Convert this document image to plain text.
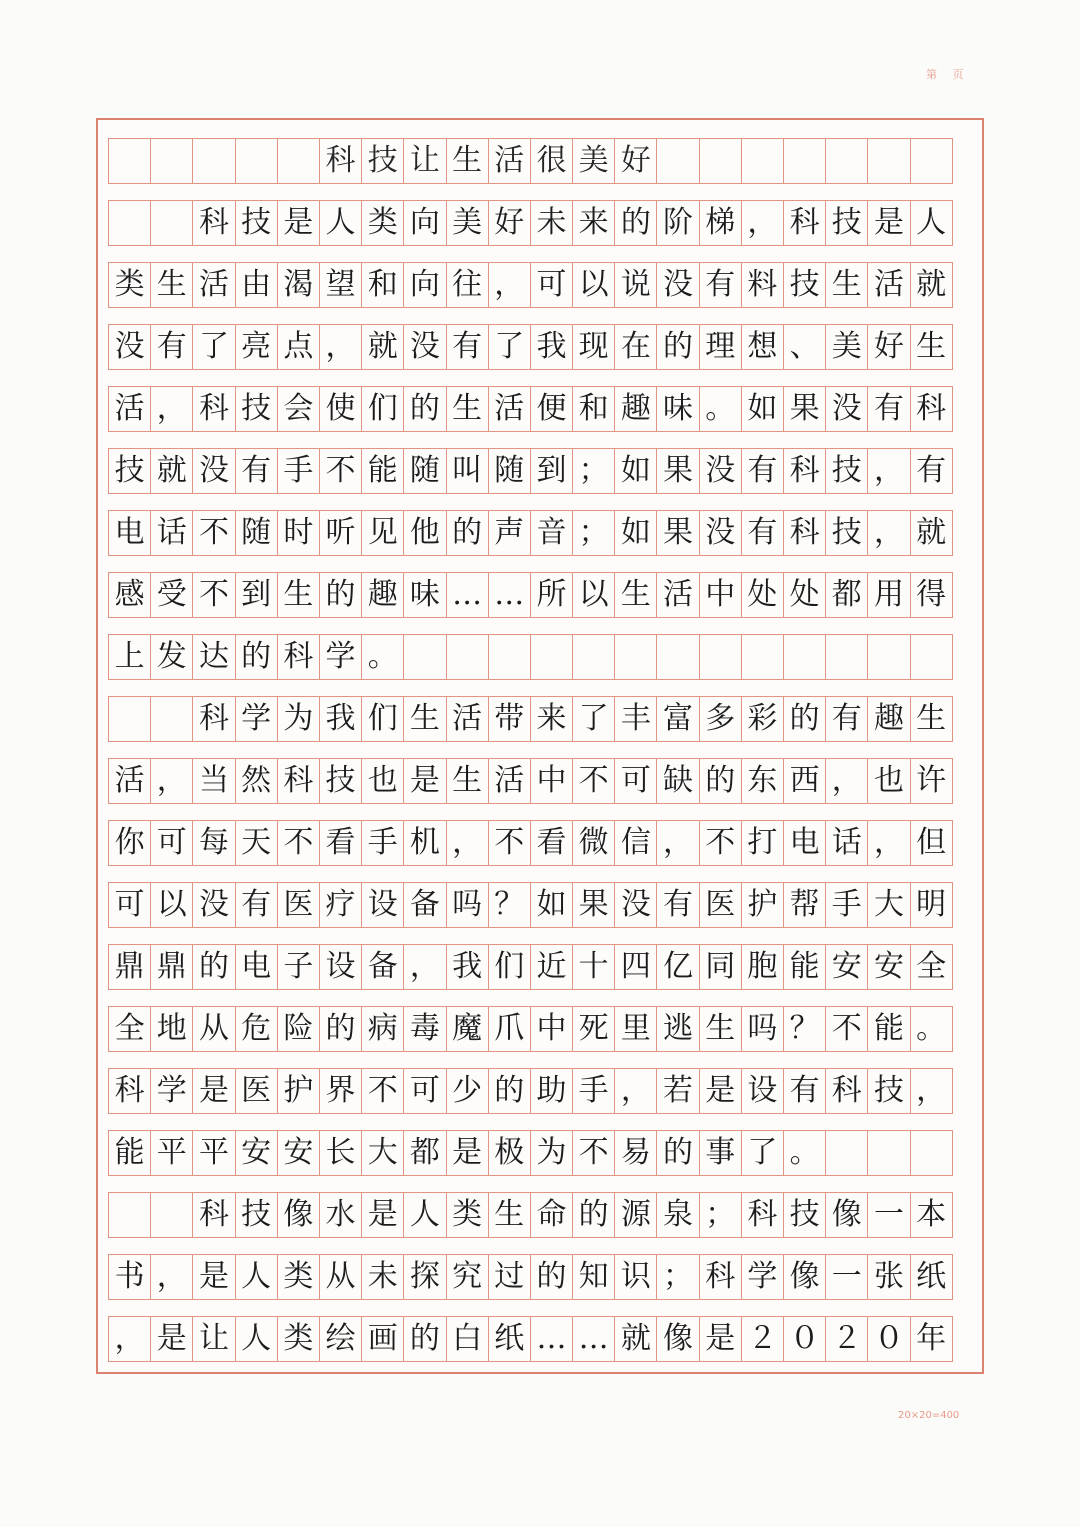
第 页
科 技 让 生 活 很 美 好
科 技 是 人 类 向 美 好 未 来 的 阶 梯 ， 科 技 是 人
类 生 活 由 渴 望 和 向 往 ， 可 以 说 没 有 料 技 生 活 就
没 有 了 亮 点 ， 就 没 有 了 我 现 在 的 理 想 、 美 好 生
活 ， 科 技 会 使 们 的 生 活 便 和 趣 味 。 如 果 没 有 科
技 就 没 有 手 不 能 随 叫 随 到 ； 如 果 没 有 科 技 ， 有
电 话 不 随 时 听 见 他 的 声 音 ； 如 果 没 有 科 技 ， 就
感 受 不 到 生 的 趣 味 … … 所 以 生 活 中 处 处 都 用 得
上 发 达 的 科 学 。
科 学 为 我 们 生 活 带 来 了 丰 富 多 彩 的 有 趣 生
活 ， 当 然 科 技 也 是 生 活 中 不 可 缺 的 东 西 ， 也 许
你 可 每 天 不 看 手 机 ， 不 看 微 信 ， 不 打 电 话 ， 但
可 以 没 有 医 疗 设 备 吗 ？ 如 果 没 有 医 护 帮 手 大 明
鼎 鼎 的 电 子 设 备 ， 我 们 近 十 四 亿 同 胞 能 安 安 全
全 地 从 危 险 的 病 毒 魔 爪 中 死 里 逃 生 吗 ？ 不 能 。
科 学 是 医 护 界 不 可 少 的 助 手 ， 若 是 设 有 科 技 ，
能 平 平 安 安 长 大 都 是 极 为 不 易 的 事 了 。
科 技 像 水 是 人 类 生 命 的 源 泉 ； 科 技 像 一 本
书 ， 是 人 类 从 未 探 究 过 的 知 识 ； 科 学 像 一 张 纸
， 是 让 人 类 绘 画 的 白 纸 … … 就 像 是 ２ ０ ２ ０ 年
20×20=400
